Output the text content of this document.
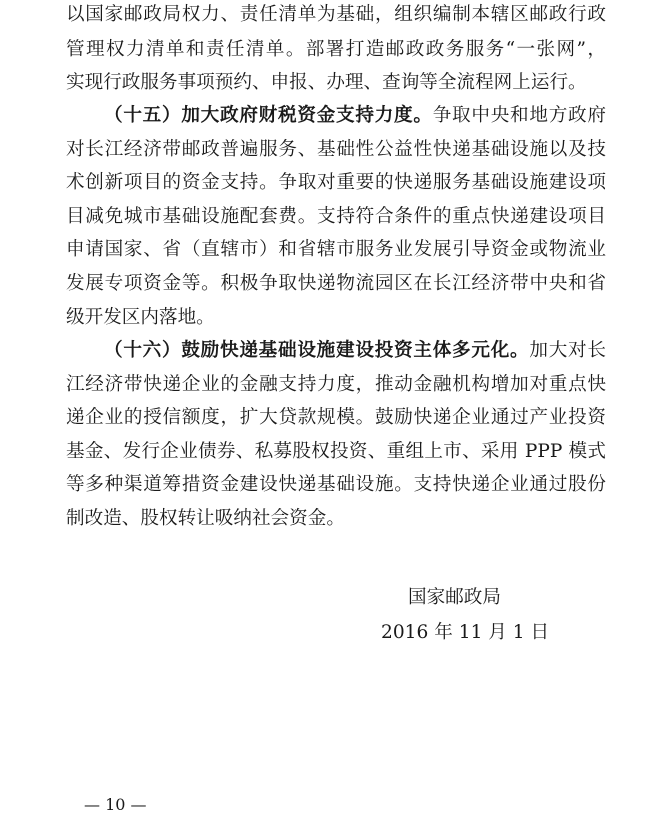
以国家邮政局权力、责任清单为基础，组织编制本辖区邮政行政
管理权力清单和责任清单。部署打造邮政政务服务“一张网”，
实现行政服务事项预约、申报、办理、查询等全流程网上运行。
（十五）加大政府财税资金支持力度。争取中央和地方政府
对长江经济带邮政普遍服务、基础性公益性快递基础设施以及技
术创新项目的资金支持。争取对重要的快递服务基础设施建设项
目减免城市基础设施配套费。支持符合条件的重点快递建设项目
申请国家、省（直辖市）和省辖市服务业发展引导资金或物流业
发展专项资金等。积极争取快递物流园区在长江经济带中央和省
级开发区内落地。
（十六）鼓励快递基础设施建设投资主体多元化。加大对长
江经济带快递企业的金融支持力度，推动金融机构增加对重点快
递企业的授信额度，扩大贷款规模。鼓励快递企业通过产业投资
基金、发行企业债券、私募股权投资、重组上市、采用 PPP 模式
等多种渠道筹措资金建设快递基础设施。支持快递企业通过股份
制改造、股权转让吸纳社会资金。
国家邮政局
2016 年 11 月 1 日
— 10 —
